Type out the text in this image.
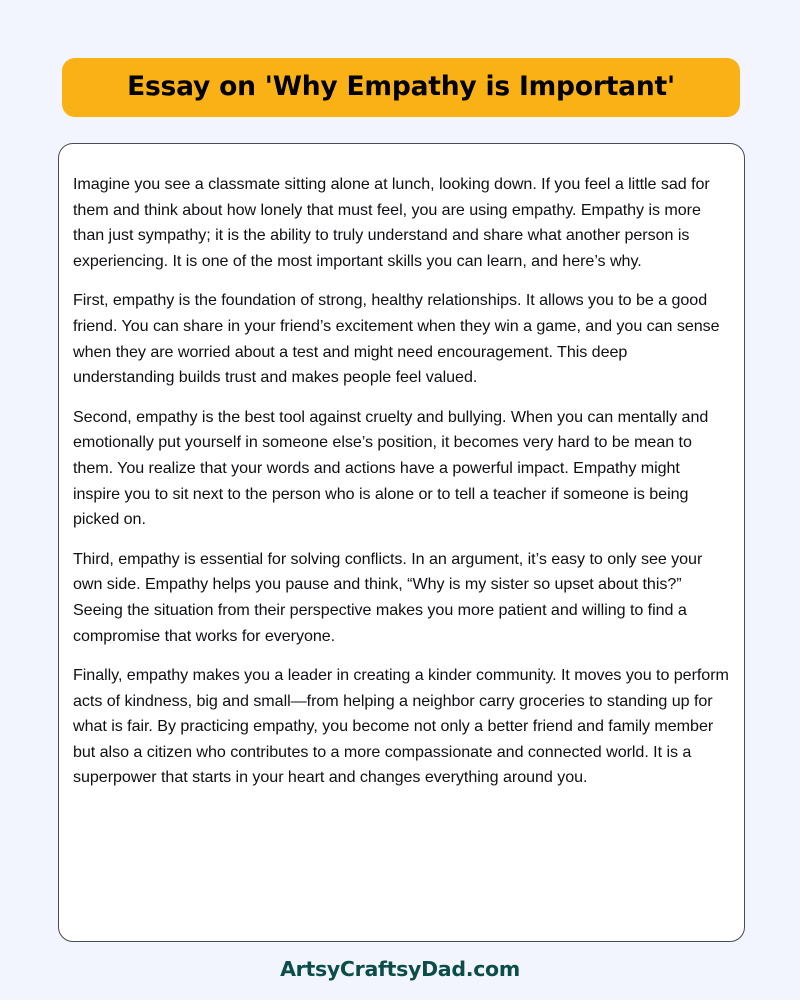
Essay on 'Why Empathy is Important'

Imagine you see a classmate sitting alone at lunch, looking down. If you feel a little sad for them and think about how lonely that must feel, you are using empathy. Empathy is more than just sympathy; it is the ability to truly understand and share what another person is experiencing. It is one of the most important skills you can learn, and here’s why.

First, empathy is the foundation of strong, healthy relationships. It allows you to be a good friend. You can share in your friend’s excitement when they win a game, and you can sense when they are worried about a test and might need encouragement. This deep understanding builds trust and makes people feel valued.

Second, empathy is the best tool against cruelty and bullying. When you can mentally and emotionally put yourself in someone else’s position, it becomes very hard to be mean to them. You realize that your words and actions have a powerful impact. Empathy might inspire you to sit next to the person who is alone or to tell a teacher if someone is being picked on.

Third, empathy is essential for solving conflicts. In an argument, it’s easy to only see your own side. Empathy helps you pause and think, “Why is my sister so upset about this?” Seeing the situation from their perspective makes you more patient and willing to find a compromise that works for everyone.

Finally, empathy makes you a leader in creating a kinder community. It moves you to perform acts of kindness, big and small—from helping a neighbor carry groceries to standing up for what is fair. By practicing empathy, you become not only a better friend and family member but also a citizen who contributes to a more compassionate and connected world. It is a superpower that starts in your heart and changes everything around you.

ArtsyCraftsyDad.com
